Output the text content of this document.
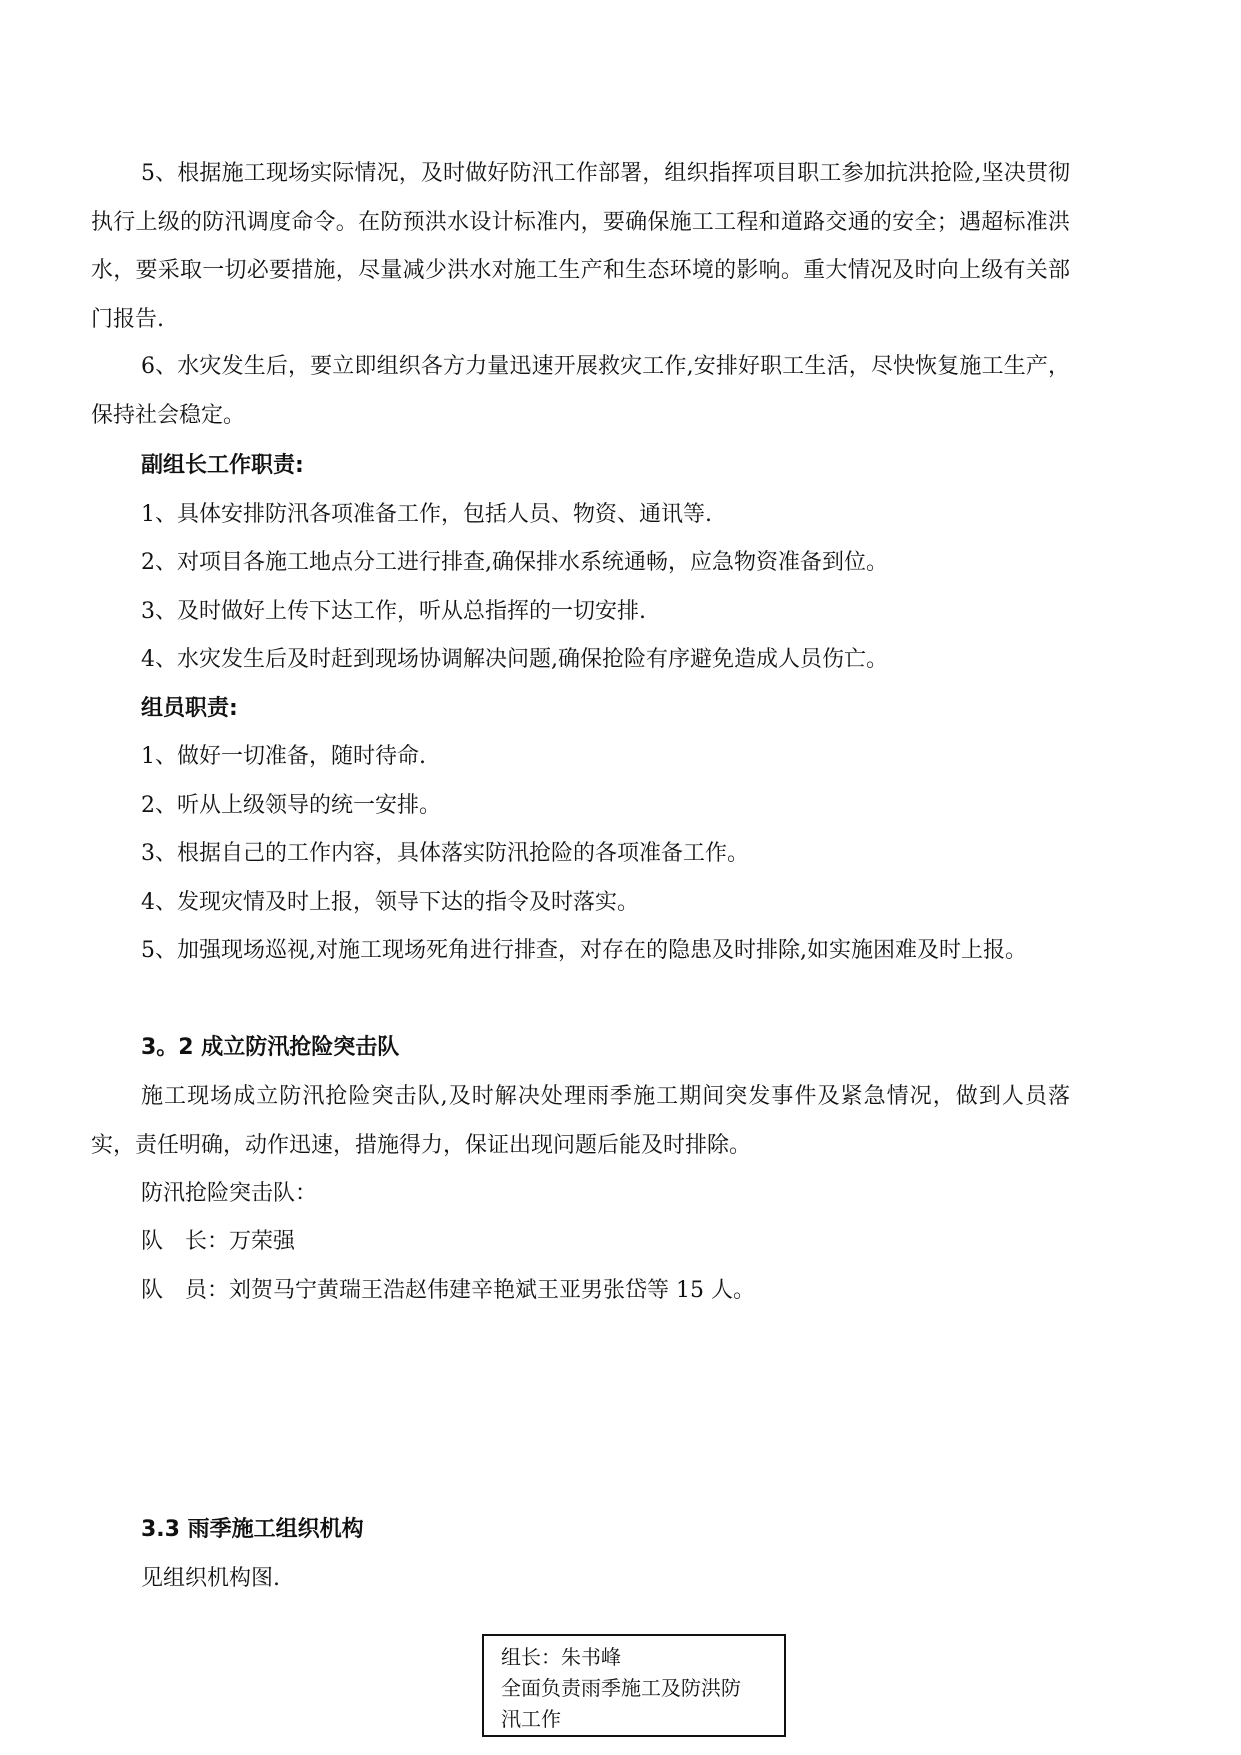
5、根据施工现场实际情况，及时做好防汛工作部署，组织指挥项目职工参加抗洪抢险,坚决贯彻执行上级的防汛调度命令。在防预洪水设计标准内，要确保施工工程和道路交通的安全；遇超标准洪水，要采取一切必要措施，尽量减少洪水对施工生产和生态环境的影响。重大情况及时向上级有关部门报告.

6、水灾发生后，要立即组织各方力量迅速开展救灾工作,安排好职工生活，尽快恢复施工生产，保持社会稳定。

副组长工作职责:

1、具体安排防汛各项准备工作，包括人员、物资、通讯等.

2、对项目各施工地点分工进行排查,确保排水系统通畅，应急物资准备到位。

3、及时做好上传下达工作，听从总指挥的一切安排.

4、水灾发生后及时赶到现场协调解决问题,确保抢险有序避免造成人员伤亡。

组员职责:

1、做好一切准备，随时待命.

2、听从上级领导的统一安排。

3、根据自己的工作内容，具体落实防汛抢险的各项准备工作。

4、发现灾情及时上报，领导下达的指令及时落实。

5、加强现场巡视,对施工现场死角进行排查，对存在的隐患及时排除,如实施困难及时上报。

3。2 成立防汛抢险突击队

施工现场成立防汛抢险突击队,及时解决处理雨季施工期间突发事件及紧急情况，做到人员落实，责任明确，动作迅速，措施得力，保证出现问题后能及时排除。

防汛抢险突击队：

队　长：万荣强

队　员：刘贺马宁黄瑞王浩赵伟建辛艳斌王亚男张岱等 15 人。

3.3 雨季施工组织机构

见组织机构图.

组长：朱书峰
全面负责雨季施工及防洪防
汛工作
